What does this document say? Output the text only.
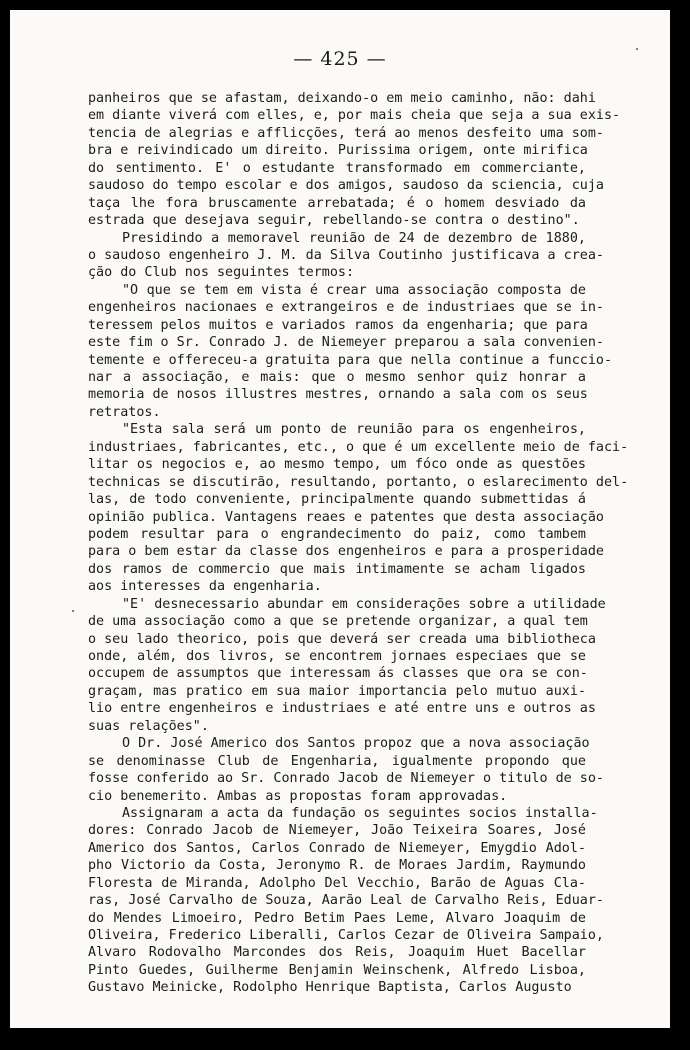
— 425 —
panheiros que se afastam, deixando-o em meio caminho, não: dahi
em diante viverá com elles, e, por mais cheia que seja a sua exis-
tencia de alegrias e afflicções, terá ao menos desfeito uma som-
bra e reivindicado um direito. Purissima origem, onte mirifica
do sentimento. E' o estudante transformado em commerciante,
saudoso do tempo escolar e dos amigos, saudoso da sciencia, cuja
taça lhe fora bruscamente arrebatada; é o homem desviado da
estrada que desejava seguir, rebellando-se contra o destino".
Presidindo a memoravel reunião de 24 de dezembro de 1880,
o saudoso engenheiro J. M. da Silva Coutinho justificava a crea-
ção do Club nos seguintes termos:
"O que se tem em vista é crear uma associação composta de
engenheiros nacionaes e extrangeiros e de industriaes que se in-
teressem pelos muitos e variados ramos da engenharia; que para
este fim o Sr. Conrado J. de Niemeyer preparou a sala convenien-
temente e offereceu-a gratuita para que nella continue a funccio-
nar a associação, e mais: que o mesmo senhor quiz honrar a
memoria de nosos illustres mestres, ornando a sala com os seus
retratos.
"Esta sala será um ponto de reunião para os engenheiros,
industriaes, fabricantes, etc., o que é um excellente meio de faci-
litar os negocios e, ao mesmo tempo, um fóco onde as questões
technicas se discutirão, resultando, portanto, o eslarecimento del-
las, de todo conveniente, principalmente quando submettidas á
opinião publica. Vantagens reaes e patentes que desta associação
podem resultar para o engrandecimento do paiz, como tambem
para o bem estar da classe dos engenheiros e para a prosperidade
dos ramos de commercio que mais intimamente se acham ligados
aos interesses da engenharia.
"E' desnecessario abundar em considerações sobre a utilidade
de uma associação como a que se pretende organizar, a qual tem
o seu lado theorico, pois que deverá ser creada uma bibliotheca
onde, além, dos livros, se encontrem jornaes especiaes que se
occupem de assumptos que interessam ás classes que ora se con-
graçam, mas pratico em sua maior importancia pelo mutuo auxi-
lio entre engenheiros e industriaes e até entre uns e outros as
suas relações".
O Dr. José Americo dos Santos propoz que a nova associação
se denominasse Club de Engenharia, igualmente propondo que
fosse conferido ao Sr. Conrado Jacob de Niemeyer o titulo de so-
cio benemerito. Ambas as propostas foram approvadas.
Assignaram a acta da fundação os seguintes socios installa-
dores: Conrado Jacob de Niemeyer, João Teixeira Soares, José
Americo dos Santos, Carlos Conrado de Niemeyer, Emygdio Adol-
pho Victorio da Costa, Jeronymo R. de Moraes Jardim, Raymundo
Floresta de Miranda, Adolpho Del Vecchio, Barão de Aguas Cla-
ras, José Carvalho de Souza, Aarão Leal de Carvalho Reis, Eduar-
do Mendes Limoeiro, Pedro Betim Paes Leme, Alvaro Joaquim de
Oliveira, Frederico Liberalli, Carlos Cezar de Oliveira Sampaio,
Alvaro Rodovalho Marcondes dos Reis, Joaquim Huet Bacellar
Pinto Guedes, Guilherme Benjamin Weinschenk, Alfredo Lisboa,
Gustavo Meinicke, Rodolpho Henrique Baptista, Carlos Augusto
